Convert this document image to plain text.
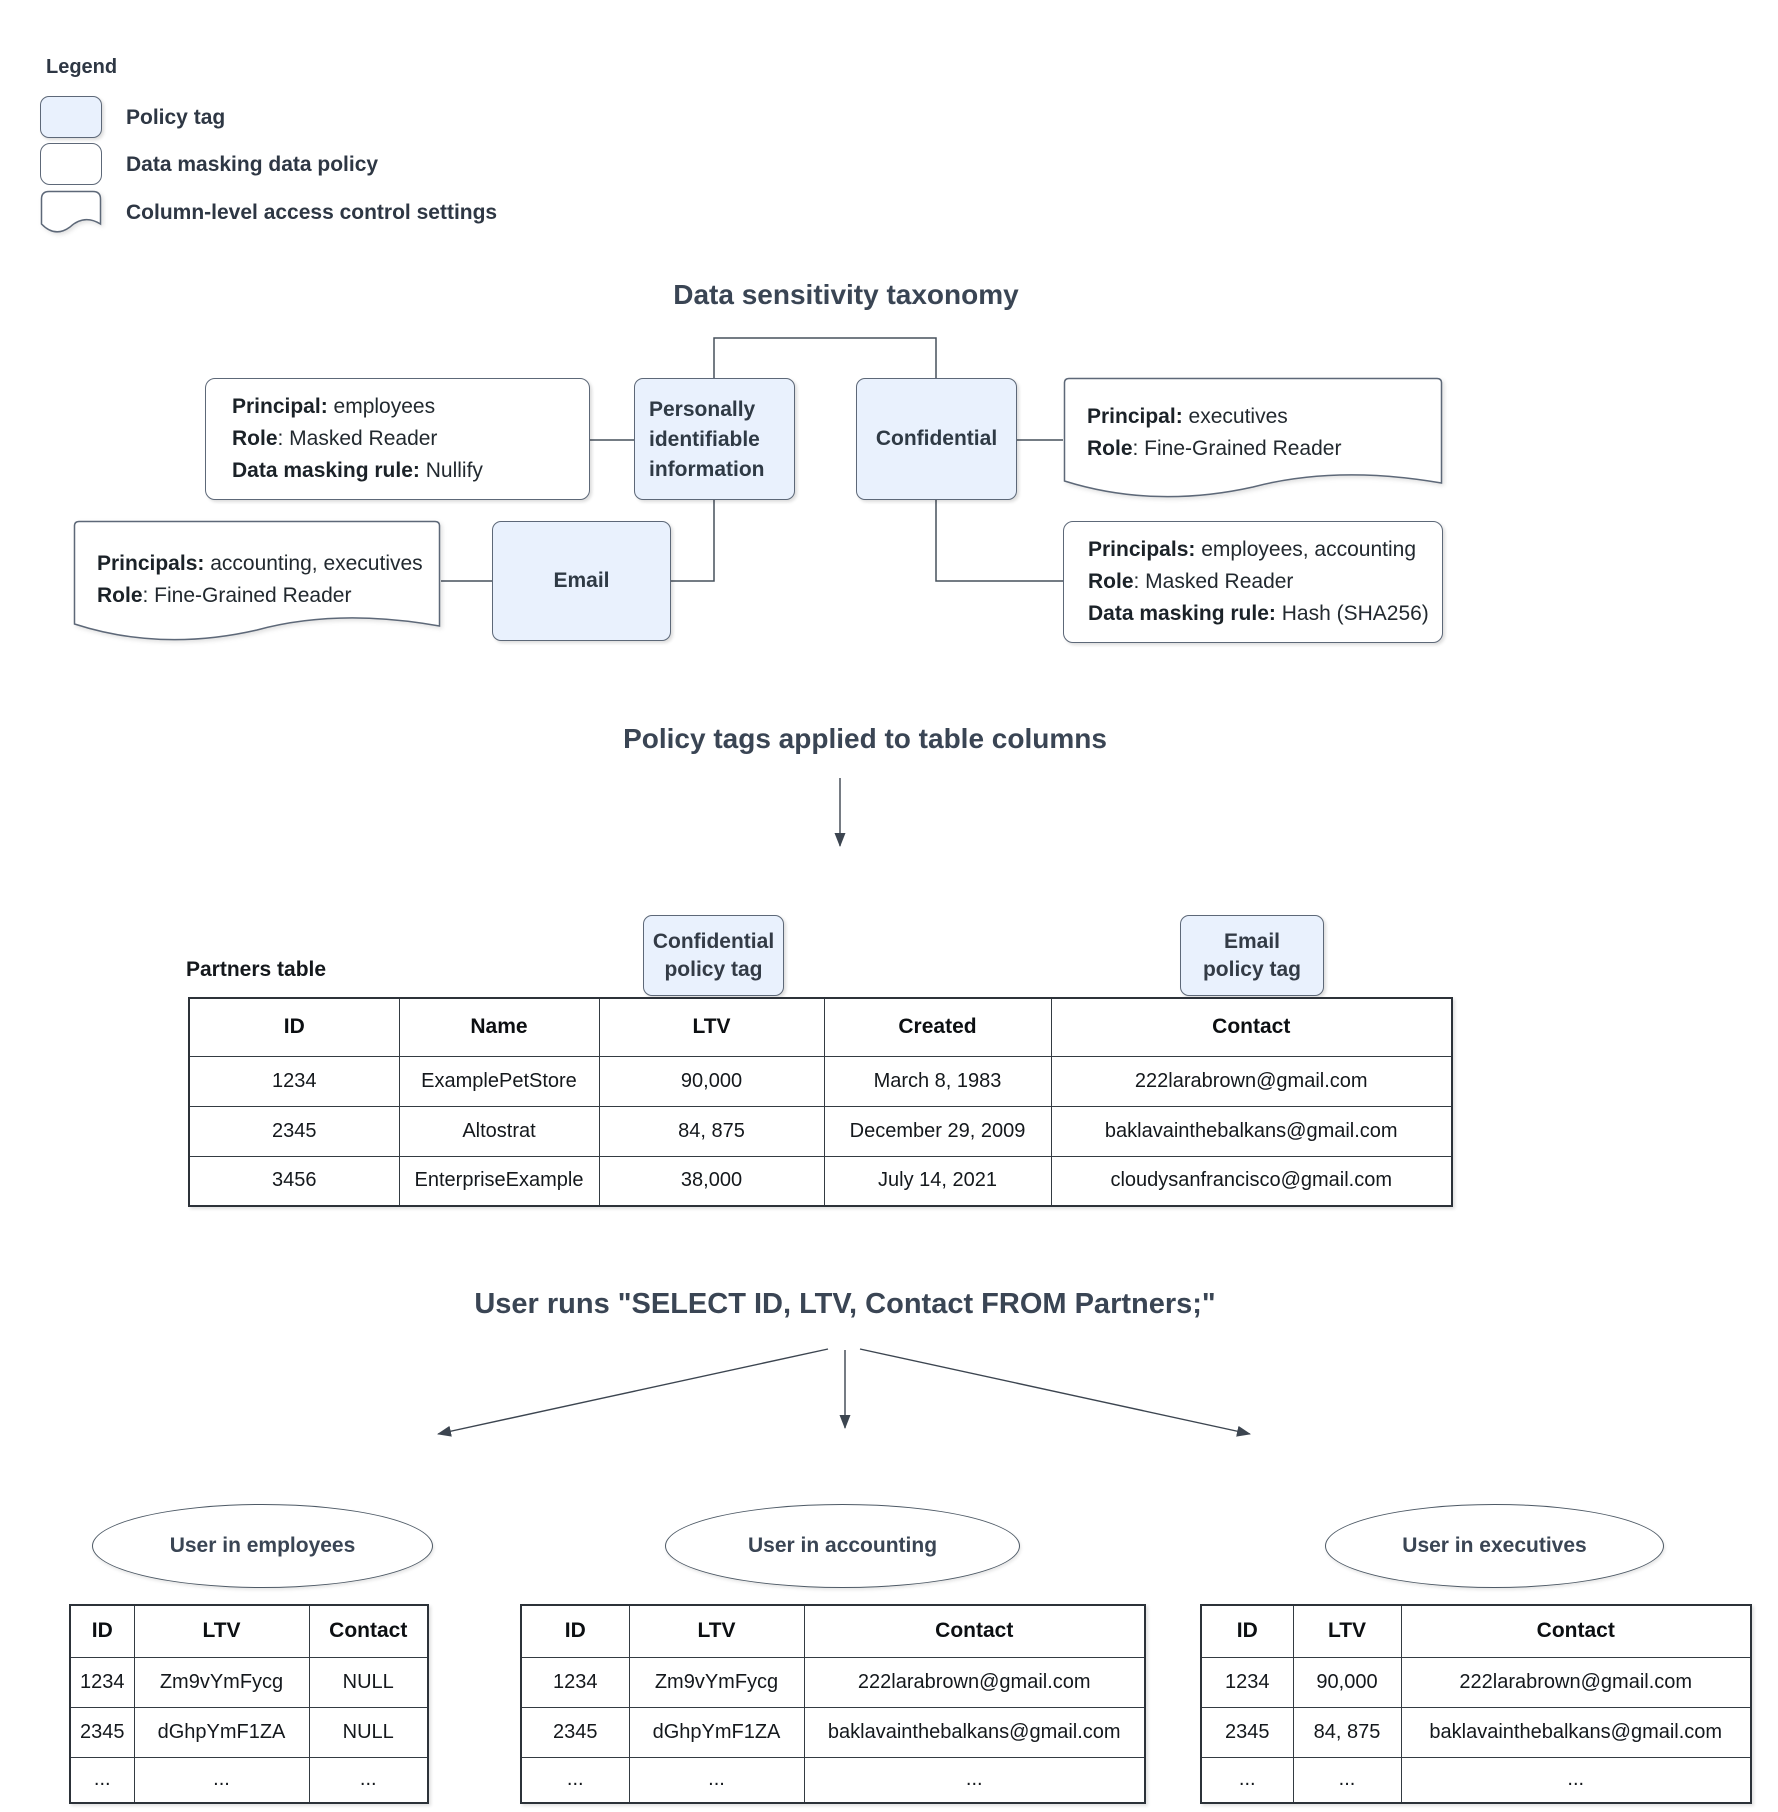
Legend
Policy tag
Data masking data policy
Column-level access control settings
Data sensitivity taxonomy
Principal: employees
Role: Masked Reader
Data masking rule: Nullify
Personally identifiable information
Confidential
Principal: executives
Role: Fine-Grained Reader
Principals: accounting, executives
Role: Fine-Grained Reader
Email
Principals: employees, accounting
Role: Masked Reader
Data masking rule: Hash (SHA256)
Policy tags applied to table columns
Partners table
Confidential
policy tag
Email
policy tag
ID	Name	LTV	Created	Contact
1234	ExamplePetStore	90,000	March 8, 1983	222larabrown@gmail.com
2345	Altostrat	84, 875	December 29, 2009	baklavainthebalkans@gmail.com
3456	EnterpriseExample	38,000	July 14, 2021	cloudysanfrancisco@gmail.com
User runs "SELECT ID, LTV, Contact FROM Partners;"
User in employees	User in accounting	User in executives
ID	LTV	Contact
1234	Zm9vYmFycg	NULL
2345	dGhpYmF1ZA	NULL
...	...	...
ID	LTV	Contact
1234	Zm9vYmFycg	222larabrown@gmail.com
2345	dGhpYmF1ZA	baklavainthebalkans@gmail.com
...	...	...
ID	LTV	Contact
1234	90,000	222larabrown@gmail.com
2345	84, 875	baklavainthebalkans@gmail.com
...	...	...
